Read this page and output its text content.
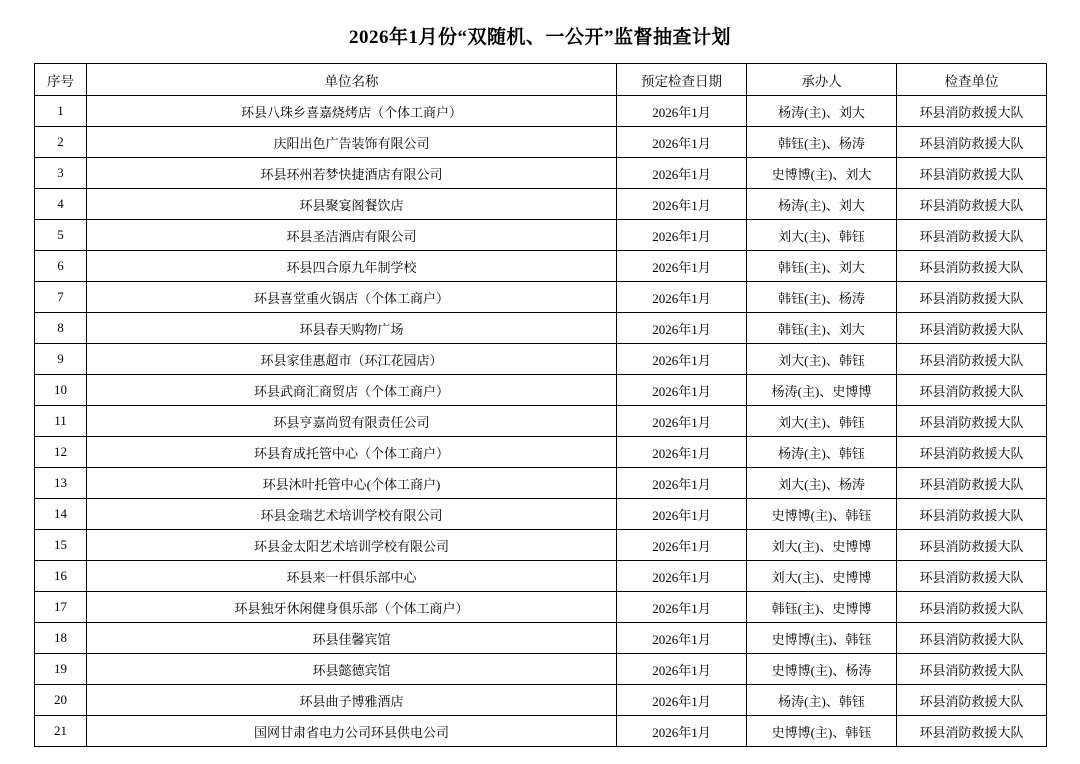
2026年1月份“双随机、一公开”监督抽查计划
序号	单位名称	预定检查日期	承办人	检查单位
1	环县八珠乡喜嘉烧烤店（个体工商户）	2026年1月	杨涛(主)、刘大	环县消防救援大队
2	庆阳出色广告装饰有限公司	2026年1月	韩钰(主)、杨涛	环县消防救援大队
3	环县环州若梦快捷酒店有限公司	2026年1月	史博博(主)、刘大	环县消防救援大队
4	环县聚宴阁餐饮店	2026年1月	杨涛(主)、刘大	环县消防救援大队
5	环县圣洁酒店有限公司	2026年1月	刘大(主)、韩钰	环县消防救援大队
6	环县四合原九年制学校	2026年1月	韩钰(主)、刘大	环县消防救援大队
7	环县喜堂重火锅店（个体工商户）	2026年1月	韩钰(主)、杨涛	环县消防救援大队
8	环县春天购物广场	2026年1月	韩钰(主)、刘大	环县消防救援大队
9	环县家佳惠超市（环江花园店）	2026年1月	刘大(主)、韩钰	环县消防救援大队
10	环县武商汇商贸店（个体工商户）	2026年1月	杨涛(主)、史博博	环县消防救援大队
11	环县亨嘉尚贸有限责任公司	2026年1月	刘大(主)、韩钰	环县消防救援大队
12	环县育成托管中心（个体工商户）	2026年1月	杨涛(主)、韩钰	环县消防救援大队
13	环县沐叶托管中心(个体工商户)	2026年1月	刘大(主)、杨涛	环县消防救援大队
14	环县金瑞艺术培训学校有限公司	2026年1月	史博博(主)、韩钰	环县消防救援大队
15	环县金太阳艺术培训学校有限公司	2026年1月	刘大(主)、史博博	环县消防救援大队
16	环县来一杆俱乐部中心	2026年1月	刘大(主)、史博博	环县消防救援大队
17	环县独牙休闲健身俱乐部（个体工商户）	2026年1月	韩钰(主)、史博博	环县消防救援大队
18	环县佳馨宾馆	2026年1月	史博博(主)、韩钰	环县消防救援大队
19	环县懿德宾馆	2026年1月	史博博(主)、杨涛	环县消防救援大队
20	环县曲子博雅酒店	2026年1月	杨涛(主)、韩钰	环县消防救援大队
21	国网甘肃省电力公司环县供电公司	2026年1月	史博博(主)、韩钰	环县消防救援大队
